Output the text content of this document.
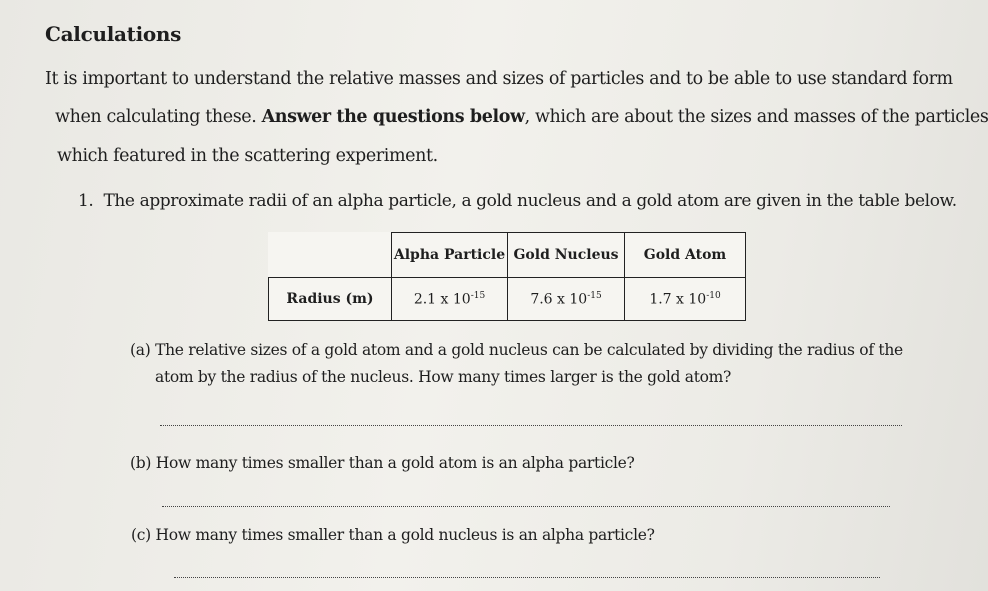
Calculations
It is important to understand the relative masses and sizes of particles and to be able to use standard form
when calculating these. Answer the questions below, which are about the sizes and masses of the particles
which featured in the scattering experiment.
1. The approximate radii of an alpha particle, a gold nucleus and a gold atom are given in the table below.
	Alpha Particle	Gold Nucleus	Gold Atom
Radius (m)	2.1 x $10^{-15}$	7.6 x $10^{-15}$	1.7 x $10^{-10}$
(a) The relative sizes of a gold atom and a gold nucleus can be calculated by dividing the radius of the
atom by the radius of the nucleus. How many times larger is the gold atom?
(b) How many times smaller than a gold atom is an alpha particle?
(c) How many times smaller than a gold nucleus is an alpha particle?
